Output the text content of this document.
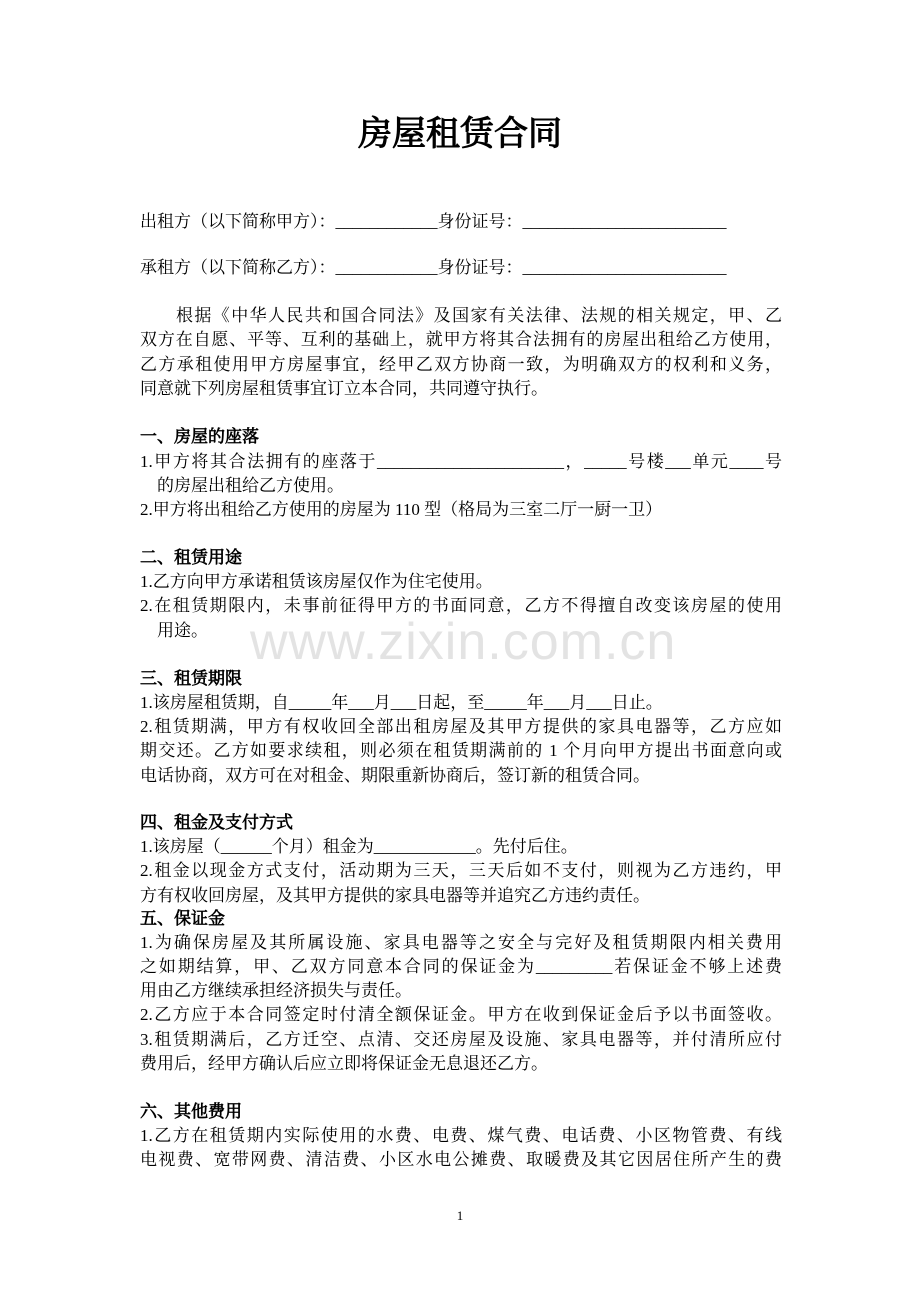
房屋租赁合同
www.zixin.com.cn
出租方（以下简称甲方）：____________身份证号：________________________
承租方（以下简称乙方）：____________身份证号：________________________
根据《中华人民共和国合同法》及国家有关法律、法规的相关规定，甲、乙
双方在自愿、平等、互利的基础上，就甲方将其合法拥有的房屋出租给乙方使用，
乙方承租使用甲方房屋事宜，经甲乙双方协商一致，为明确双方的权利和义务，
同意就下列房屋租赁事宜订立本合同，共同遵守执行。
一、房屋的座落
1.甲方将其合法拥有的座落于______________________，_____号楼___单元____号
的房屋出租给乙方使用。
2.甲方将出租给乙方使用的房屋为 110 型（格局为三室二厅一厨一卫）
二、租赁用途
1.乙方向甲方承诺租赁该房屋仅作为住宅使用。
2.在租赁期限内，未事前征得甲方的书面同意，乙方不得擅自改变该房屋的使用
用途。
三、租赁期限
1.该房屋租赁期，自_____年___月___日起，至_____年___月___日止。
2.租赁期满，甲方有权收回全部出租房屋及其甲方提供的家具电器等，乙方应如
期交还。乙方如要求续租，则必须在租赁期满前的 1 个月向甲方提出书面意向或
电话协商，双方可在对租金、期限重新协商后，签订新的租赁合同。
四、租金及支付方式
1.该房屋（______个月）租金为____________。先付后住。
2.租金以现金方式支付，活动期为三天，三天后如不支付，则视为乙方违约，甲
方有权收回房屋，及其甲方提供的家具电器等并追究乙方违约责任。
五、保证金
1.为确保房屋及其所属设施、家具电器等之安全与完好及租赁期限内相关费用
之如期结算，甲、乙双方同意本合同的保证金为_________若保证金不够上述费
用由乙方继续承担经济损失与责任。
2.乙方应于本合同签定时付清全额保证金。甲方在收到保证金后予以书面签收。
3.租赁期满后，乙方迁空、点清、交还房屋及设施、家具电器等，并付清所应付
费用后，经甲方确认后应立即将保证金无息退还乙方。
六、其他费用
1.乙方在租赁期内实际使用的水费、电费、煤气费、电话费、小区物管费、有线
电视费、宽带网费、清洁费、小区水电公摊费、取暖费及其它因居住所产生的费
1
